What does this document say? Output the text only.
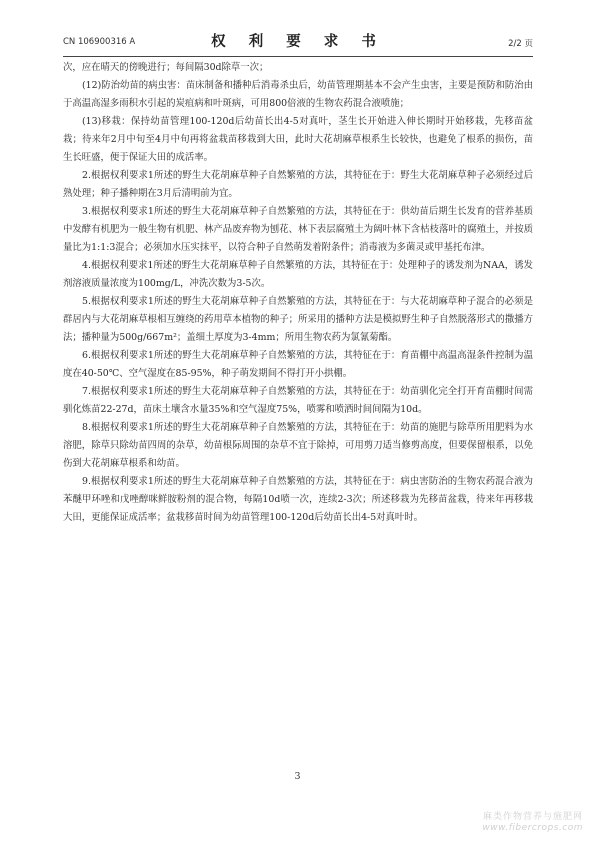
CN 106900316 A	权 利 要 求 书	2/2 页

次，应在晴天的傍晚进行；每间隔30d除草一次；

(12)防治幼苗的病虫害：苗床制备和播种后消毒杀虫后，幼苗管理期基本不会产生虫害，主要是预防和防治由于高温高湿多雨积水引起的炭疽病和叶斑病，可用800倍液的生物农药混合液喷施；

(13)移栽：保持幼苗管理100-120d后幼苗长出4-5对真叶，茎生长开始进入伸长期时开始移栽，先移苗盆栽；待来年2月中旬至4月中旬再将盆栽苗移栽到大田，此时大花胡麻草根系生长较快，也避免了根系的损伤，苗生长旺盛，便于保证大田的成活率。

2.根据权利要求1所述的野生大花胡麻草种子自然繁殖的方法，其特征在于：野生大花胡麻草种子必须经过后熟处理；种子播种期在3月后清明前为宜。

3.根据权利要求1所述的野生大花胡麻草种子自然繁殖的方法，其特征在于：供幼苗后期生长发育的营养基质中发酵有机肥为一般生物有机肥、林产品废弃物为刨花、林下表层腐殖土为阔叶林下含枯枝落叶的腐殖土，并按质量比为1:1:3混合；必须加水压实抹平，以符合种子自然萌发着附条件；消毒液为多菌灵或甲基托布津。

4.根据权利要求1所述的野生大花胡麻草种子自然繁殖的方法，其特征在于：处理种子的诱发剂为NAA，诱发剂溶液质量浓度为100mg/L，冲洗次数为3-5次。

5.根据权利要求1所述的野生大花胡麻草种子自然繁殖的方法，其特征在于：与大花胡麻草种子混合的必须是群居内与大花胡麻草根相互缠绕的药用草本植物的种子；所采用的播种方法是模拟野生种子自然脱落形式的撒播方法；播种量为500g/667m²；盖细土厚度为3-4mm；所用生物农药为氯氰菊酯。

6.根据权利要求1所述的野生大花胡麻草种子自然繁殖的方法，其特征在于：育苗棚中高温高湿条件控制为温度在40-50℃、空气湿度在85-95%，种子萌发期间不得打开小拱棚。

7.根据权利要求1所述的野生大花胡麻草种子自然繁殖的方法，其特征在于：幼苗驯化完全打开育苗棚时间需驯化炼苗22-27d，苗床土壤含水量35%和空气湿度75%，喷雾和喷洒时间间隔为10d。

8.根据权利要求1所述的野生大花胡麻草种子自然繁殖的方法，其特征在于：幼苗的施肥与除草所用肥料为水溶肥，除草只除幼苗四周的杂草，幼苗根际周围的杂草不宜于除掉，可用剪刀适当修剪高度，但要保留根系，以免伤到大花胡麻草根系和幼苗。

9.根据权利要求1所述的野生大花胡麻草种子自然繁殖的方法，其特征在于：病虫害防治的生物农药混合液为苯醚甲环唑和戊唑醇咪鲜胺粉剂的混合物，每隔10d喷一次，连续2-3次；所述移栽为先移苗盆栽，待来年再移栽大田，更能保证成活率；盆栽移苗时间为幼苗管理100-120d后幼苗长出4-5对真叶时。

3
麻类作物营养与施肥网
www.fibercrops.com
